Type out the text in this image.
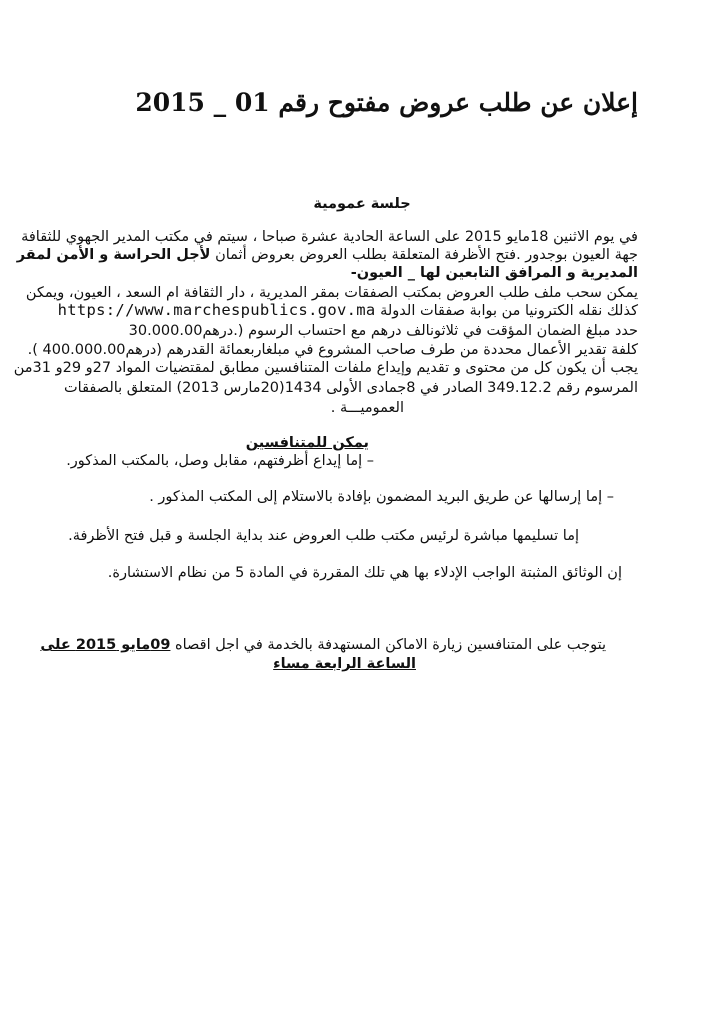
إعلان عن طلب عروض مفتوح رقم 01 _ 2015
جلسة عمومية
في يوم الاثنين 18مايو 2015 على الساعة الحادية عشرة صباحا ، سيتم في مكتب المدير الجهوي للثقافة
جهة العيون بوجدور .فتح الأظرفة المتعلقة بطلب العروض بعروض أثمان لأجل الحراسة و الأمن لمقر
المديرية و المرافق التابعين لها _ العيون-
يمكن سحب ملف طلب العروض بمكتب الصفقات بمقر المديرية ، دار الثقافة ام السعد ، العيون، ويمكن
كذلك نقله الكترونيا من بوابة صفقات الدولة https://www.marchespublics.gov.ma
حدد مبلغ الضمان المؤقت في ثلاثونالف درهم مع احتساب الرسوم (.درهم30.000.00
كلفة تقدير الأعمال محددة من طرف صاحب المشروع في مبلغاربعمائة القدرهم (درهم400.000.00 ).
يجب أن يكون كل من محتوى و تقديم وإيداع ملفات المتنافسين مطابق لمقتضيات المواد 27و 29و 31من
المرسوم رقم 349.12.2 الصادر في 8جمادى الأولى 1434(20مارس 2013) المتعلق بالصفقات
العموميـــة .
يمكن للمتنافسين
– إما إيداع أظرفتهم، مقابل وصل، بالمكتب المذكور.
– إما إرسالها عن طريق البريد المضمون بإفادة بالاستلام إلى المكتب المذكور .
إما تسليمها مباشرة لرئيس مكتب طلب العروض عند بداية الجلسة و قبل فتح الأظرفة.
إن الوثائق المثبتة الواجب الإدلاء بها هي تلك المقررة في المادة 5 من نظام الاستشارة.
يتوجب على المتنافسين زيارة الاماكن المستهدفة بالخدمة في اجل اقصاه 09مايو 2015 على
الساعة الرابعة مساء
